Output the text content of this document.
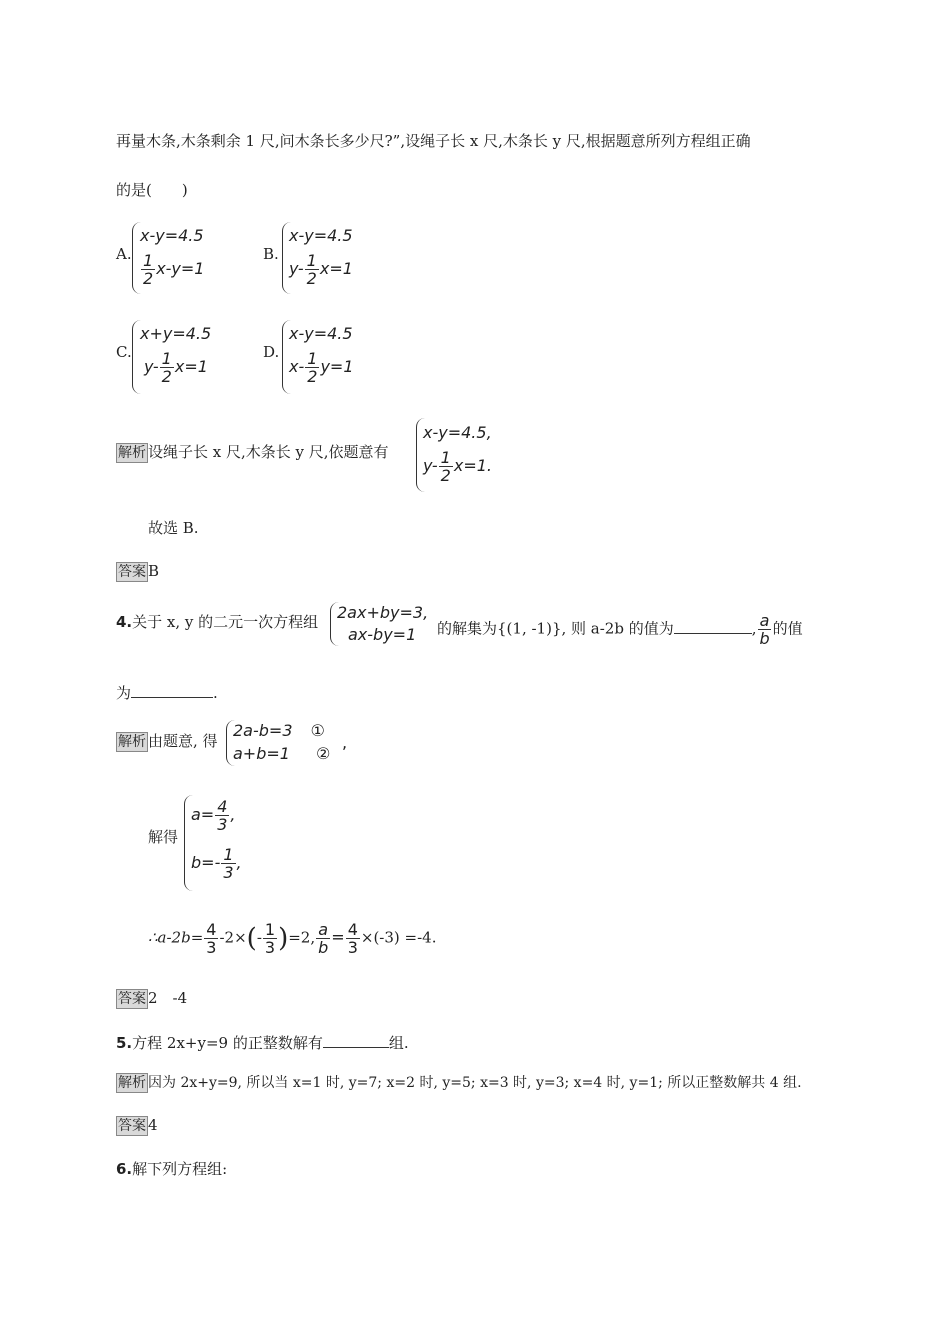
再量木条,木条剩余 1 尺,问木条长多少尺?”,设绳子长 x 尺,木条长 y 尺,根据题意所列方程组正确
的是(　　)
A.
x-y=4.5
$\frac{1}{2} x-y=1$
B.
x-y=4.5
$y- \frac{1}{2} x=1$
C.
x+y=4.5
$y- \frac{1}{2} x=1$
D.
x-y=4.5
$x- \frac{1}{2} y=1$
解析 设绳子长 x 尺,木条长 y 尺,依题意有
x-y=4.5,
$y- \frac{1}{2} x=1$.
故选 B.
答案 B
4.关于 x, y 的二元一次方程组 2ax+by=3,
ax-by=1 的解集为{(1, -1)}, 则 a-2b 的值为	, $\frac{a}{b}$ 的值
为	.
解析 由题意, 得
2a-b=3 ①
a+b=1 ②
,
解得
$a= \frac{4}{3}$ ,
$b=- \frac{1}{3}$ ,
∴a-2b= $\frac{4}{3} -2\times(- \frac{1}{3} )=2$, $\frac{a}{b} = \frac{4}{3} \times(-3) =-4$.
答案 2　-4
5.方程 2x+y=9 的正整数解有	组.
解析 因为 2x+y=9, 所以当 x=1 时, y=7; x=2 时, y=5; x=3 时, y=3; x=4 时, y=1; 所以正整数解共 4 组.
答案 4
6.解下列方程组:
